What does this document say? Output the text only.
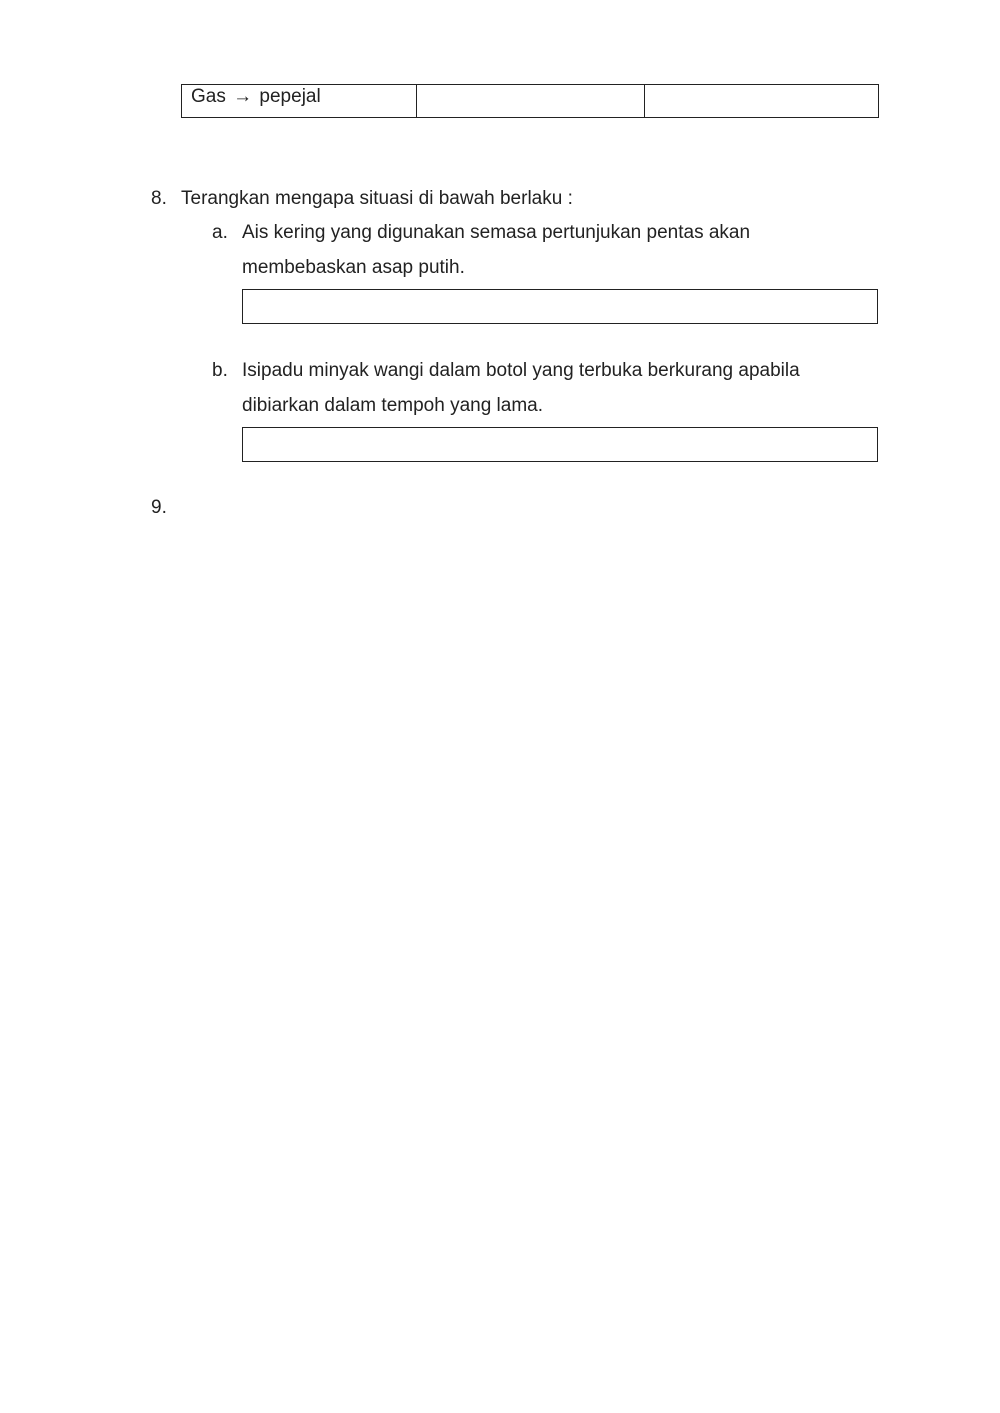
Gas → pepejal		
8. Terangkan mengapa situasi di bawah berlaku :
a. Ais kering yang digunakan semasa pertunjukan pentas akan
membebaskan asap putih.
b. Isipadu minyak wangi dalam botol yang terbuka berkurang apabila
dibiarkan dalam tempoh yang lama.
9.
